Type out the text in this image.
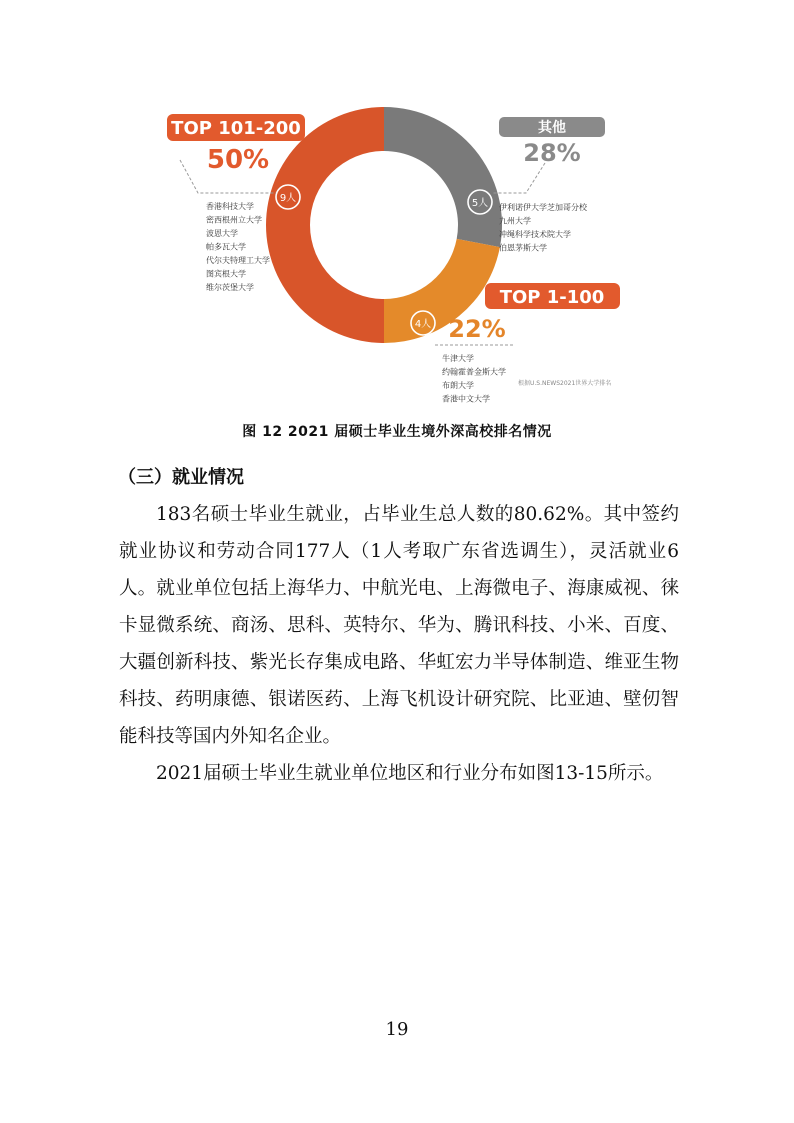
9人	5人
4人
TOP 101-200
50%
其他
28%
TOP 1-100
22%
香港科技大学
密西根州立大学
波恩大学
帕多瓦大学
代尔夫特理工大学
图宾根大学
维尔茨堡大学
伊利诺伊大学芝加哥分校
九州大学
冲绳科学技术院大学
伯恩茅斯大学
牛津大学
约翰霍普金斯大学
布朗大学
香港中文大学
根据U.S.NEWS2021世界大学排名
图 12 2021 届硕士毕业生境外深高校排名情况
（三）就业情况
183名硕士毕业生就业，占毕业生总人数的80.62%。其中签约就业协议和劳动合同177人（1人考取广东省选调生），灵活就业6人。就业单位包括上海华力、中航光电、上海微电子、海康威视、徕卡显微系统、商汤、思科、英特尔、华为、腾讯科技、小米、百度、大疆创新科技、紫光长存集成电路、华虹宏力半导体制造、维亚生物科技、药明康德、银诺医药、上海飞机设计研究院、比亚迪、壁仞智能科技等国内外知名企业。
2021届硕士毕业生就业单位地区和行业分布如图13-15所示。
19
